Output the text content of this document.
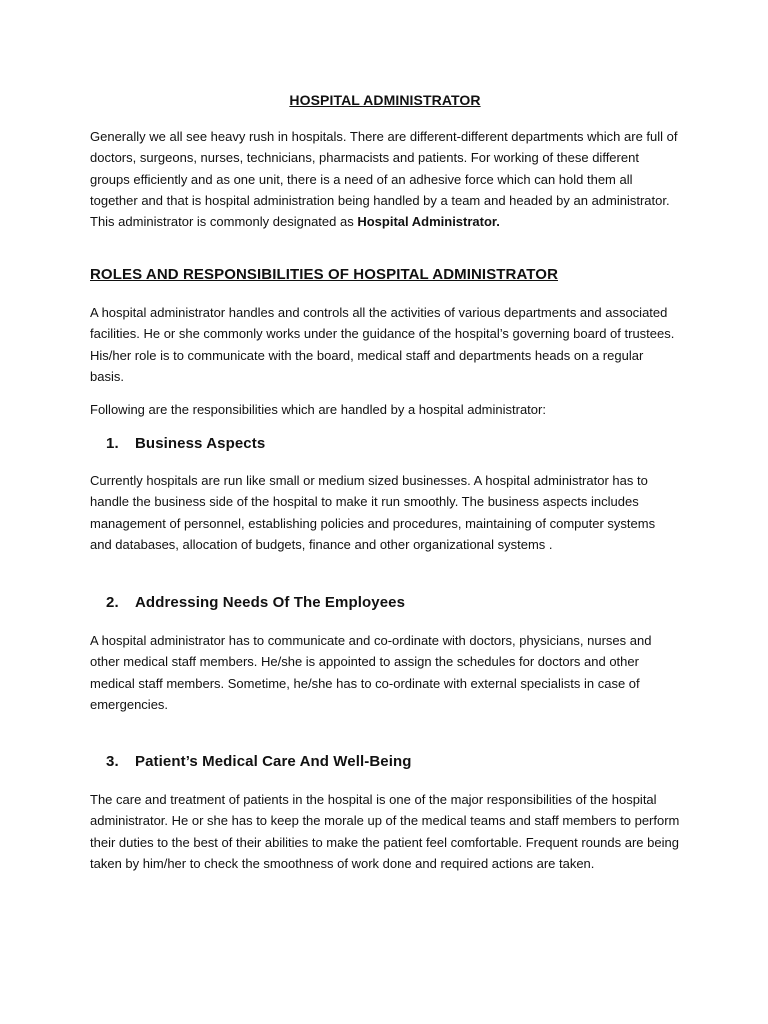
HOSPITAL ADMINISTRATOR

Generally we all see heavy rush in hospitals. There are different-different departments which are full of doctors, surgeons, nurses, technicians, pharmacists and patients. For working of these different groups efficiently and as one unit, there is a need of an adhesive force which can hold them all together and that is hospital administration being handled by a team and headed by an administrator. This administrator is commonly designated as Hospital Administrator.

ROLES AND RESPONSIBILITIES OF HOSPITAL ADMINISTRATOR

A hospital administrator handles and controls all the activities of various departments and associated facilities. He or she commonly works under the guidance of the hospital’s governing board of trustees. His/her role is to communicate with the board, medical staff and departments heads on a regular basis.

Following are the responsibilities which are handled by a hospital administrator:

1. Business Aspects

Currently hospitals are run like small or medium sized businesses. A hospital administrator has to handle the business side of the hospital to make it run smoothly. The business aspects includes management of personnel, establishing policies and procedures, maintaining of computer systems and databases, allocation of budgets, finance and other organizational systems .

2. Addressing Needs Of The Employees

A hospital administrator has to communicate and co-ordinate with doctors, physicians, nurses and other medical staff members. He/she is appointed to assign the schedules for doctors and other medical staff members. Sometime, he/she has to co-ordinate with external specialists in case of emergencies.

3. Patient’s Medical Care And Well-Being

The care and treatment of patients in the hospital is one of the major responsibilities of the hospital administrator. He or she has to keep the morale up of the medical teams and staff members to perform their duties to the best of their abilities to make the patient feel comfortable. Frequent rounds are being taken by him/her to check the smoothness of work done and required actions are taken.
